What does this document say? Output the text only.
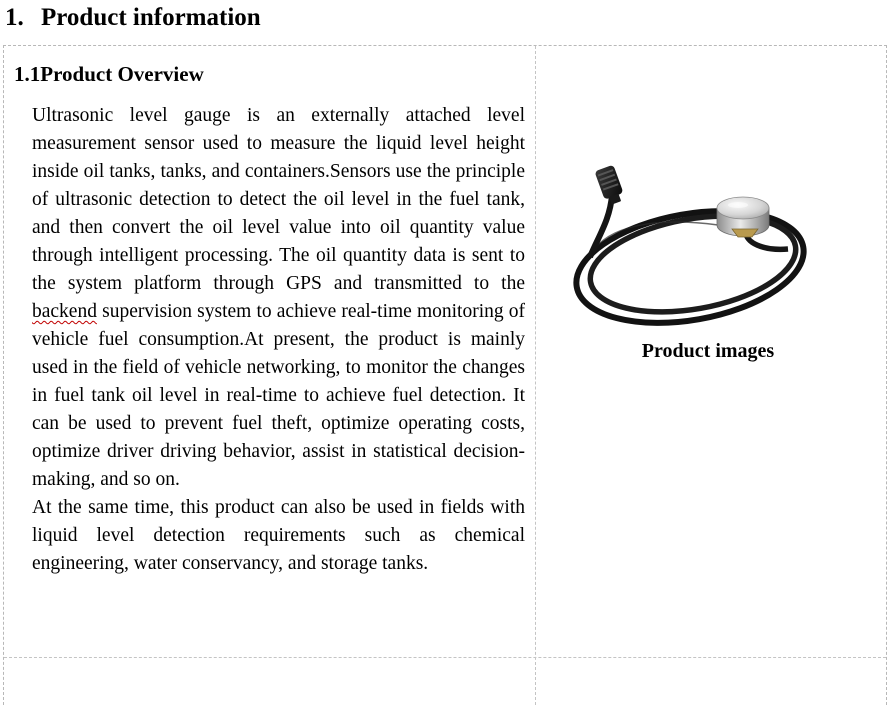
1. Product information
1.1Product Overview

Ultrasonic level gauge is an externally attached level measurement sensor used to measure the liquid level height inside oil tanks, tanks, and containers.Sensors use the principle of ultrasonic detection to detect the oil level in the fuel tank, and then convert the oil level value into oil quantity value through intelligent processing. The oil quantity data is sent to the system platform through GPS and transmitted to the backend supervision system to achieve real-time monitoring of vehicle fuel consumption.At present, the product is mainly used in the field of vehicle networking, to monitor the changes in fuel tank oil level in real-time to achieve fuel detection. It can be used to prevent fuel theft, optimize operating costs, optimize driver driving behavior, assist in statistical decision-making, and so on.

At the same time, this product can also be used in fields with liquid level detection requirements such as chemical engineering, water conservancy, and storage tanks.

Product images
